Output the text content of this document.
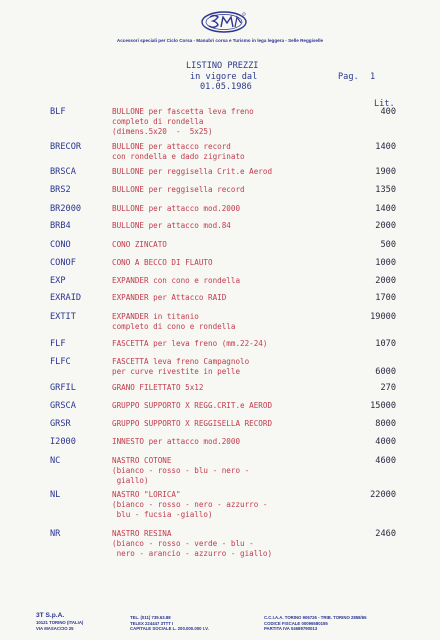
Accessori speciali per Ciclo Corsa - Manubri corsa e Turismo in lega leggera - Selle Reggiselle
LISTINO PREZZI
in vigore dal
01.05.1986
Pag. 1
Lit.
BLF	BULLONE per fascetta leva freno
completo di rondella
(dimens.5x20  -  5x25)
400
BRECOR	BULLONE per attacco record
con rondella e dado zigrinato
1400
BRSCA	BULLONE per reggisella Crit.e Aerod	1900
BRS2	BULLONE per reggisella record	1350
BR2000	BULLONE per attacco mod.2000	1400
BRB4	BULLONE per attacco mod.84	2000
CONO	CONO ZINCATO	500
CONOF	CONO A BECCO DI FLAUTO	1000
EXP	EXPANDER con cono e rondella	2000
EXRAID	EXPANDER per Attacco RAID	1700
EXTIT	EXPANDER in titanio
completo di cono e rondella
19000
FLF	FASCETTA per leva freno (mm.22-24)	1070
FLFC	FASCETTA leva freno Campagnolo
per curve rivestite in pelle	6000
GRFIL	GRANO FILETTATO 5x12	270
GRSCA	GRUPPO SUPPORTO X REGG.CRIT.e AEROD	15000
GRSR	GRUPPO SUPPORTO X REGGISELLA RECORD	8000
I2000	INNESTO per attacco mod.2000	4000
NC	NASTRO COTONE
(bianco - rosso - blu - nero -
giallo)
4600
NL	NASTRO "LORICA"
(bianco - rosso - nero - azzurro -
blu - fucsia -giallo)
22000
NR	NASTRO RESINA
(bianco - rosso - verde - blu -
nero - arancio - azzurro - giallo)
2460
3T S.p.A.
10121 TORINO (ITALIA)
VIA MASACCIO 25
TEL. (011) 739.63.88
TELEX 224447 3TTT I
CAPITALE SOCIALE L. 200.000.000 I.V.
C.C.I.A.A. TORINO 906726 - TRIB. TORINO 2858/65
CODICE FISCALE 00096580155
PARTITA IVA 04689790013
